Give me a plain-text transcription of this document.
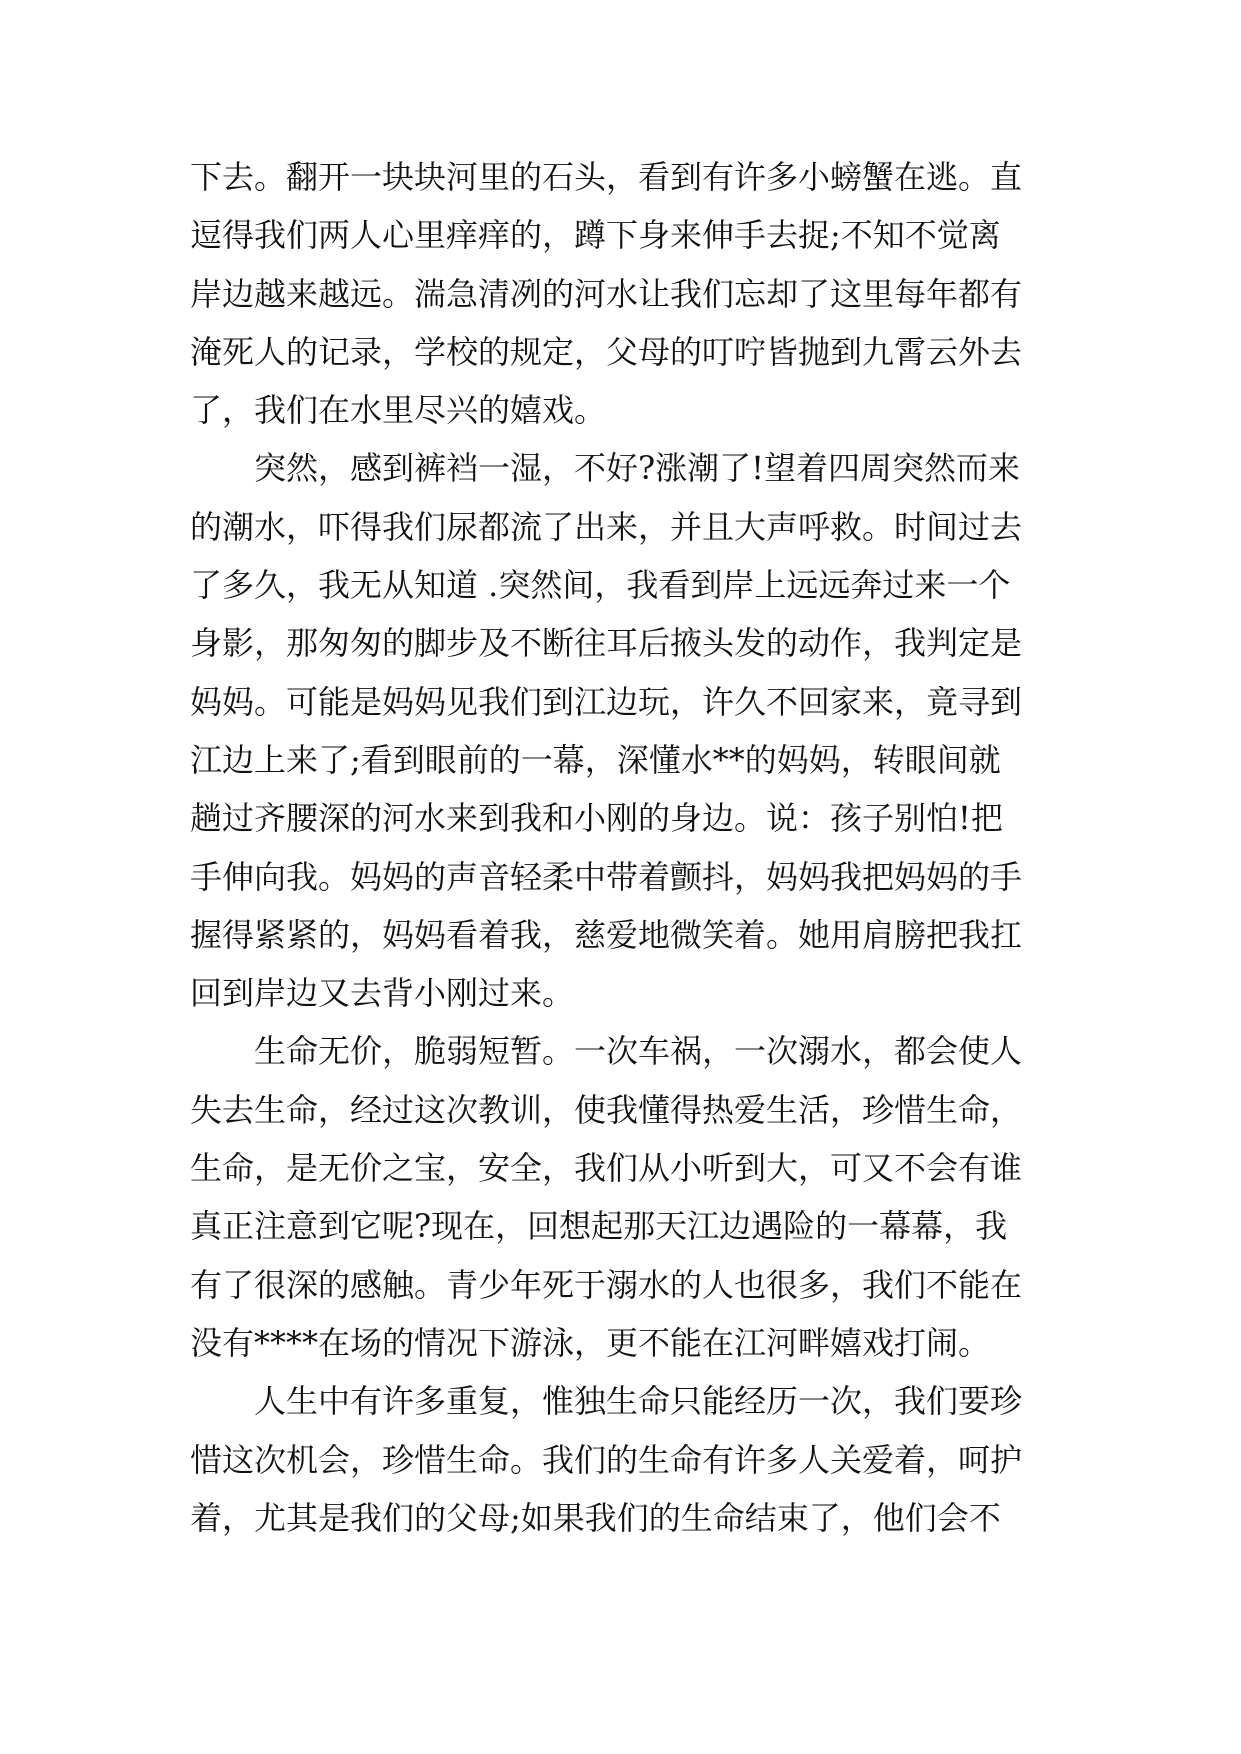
下去。翻开一块块河里的石头，看到有许多小螃蟹在逃。直
逗得我们两人心里痒痒的，蹲下身来伸手去捉;不知不觉离
岸边越来越远。湍急清冽的河水让我们忘却了这里每年都有
淹死人的记录，学校的规定，父母的叮咛皆抛到九霄云外去
了，我们在水里尽兴的嬉戏。
　　突然，感到裤裆一湿，不好?涨潮了!望着四周突然而来
的潮水，吓得我们尿都流了出来，并且大声呼救。时间过去
了多久，我无从知道 .突然间，我看到岸上远远奔过来一个
身影，那匆匆的脚步及不断往耳后掖头发的动作，我判定是
妈妈。可能是妈妈见我们到江边玩，许久不回家来，竟寻到
江边上来了;看到眼前的一幕，深懂水**的妈妈，转眼间就
趟过齐腰深的河水来到我和小刚的身边。说：孩子别怕!把
手伸向我。妈妈的声音轻柔中带着颤抖，妈妈我把妈妈的手
握得紧紧的，妈妈看着我，慈爱地微笑着。她用肩膀把我扛
回到岸边又去背小刚过来。
　　生命无价，脆弱短暂。一次车祸，一次溺水，都会使人
失去生命，经过这次教训，使我懂得热爱生活，珍惜生命，
生命，是无价之宝，安全，我们从小听到大，可又不会有谁
真正注意到它呢?现在，回想起那天江边遇险的一幕幕，我
有了很深的感触。青少年死于溺水的人也很多，我们不能在
没有****在场的情况下游泳，更不能在江河畔嬉戏打闹。
　　人生中有许多重复，惟独生命只能经历一次，我们要珍
惜这次机会，珍惜生命。我们的生命有许多人关爱着，呵护
着，尤其是我们的父母;如果我们的生命结束了，他们会不
